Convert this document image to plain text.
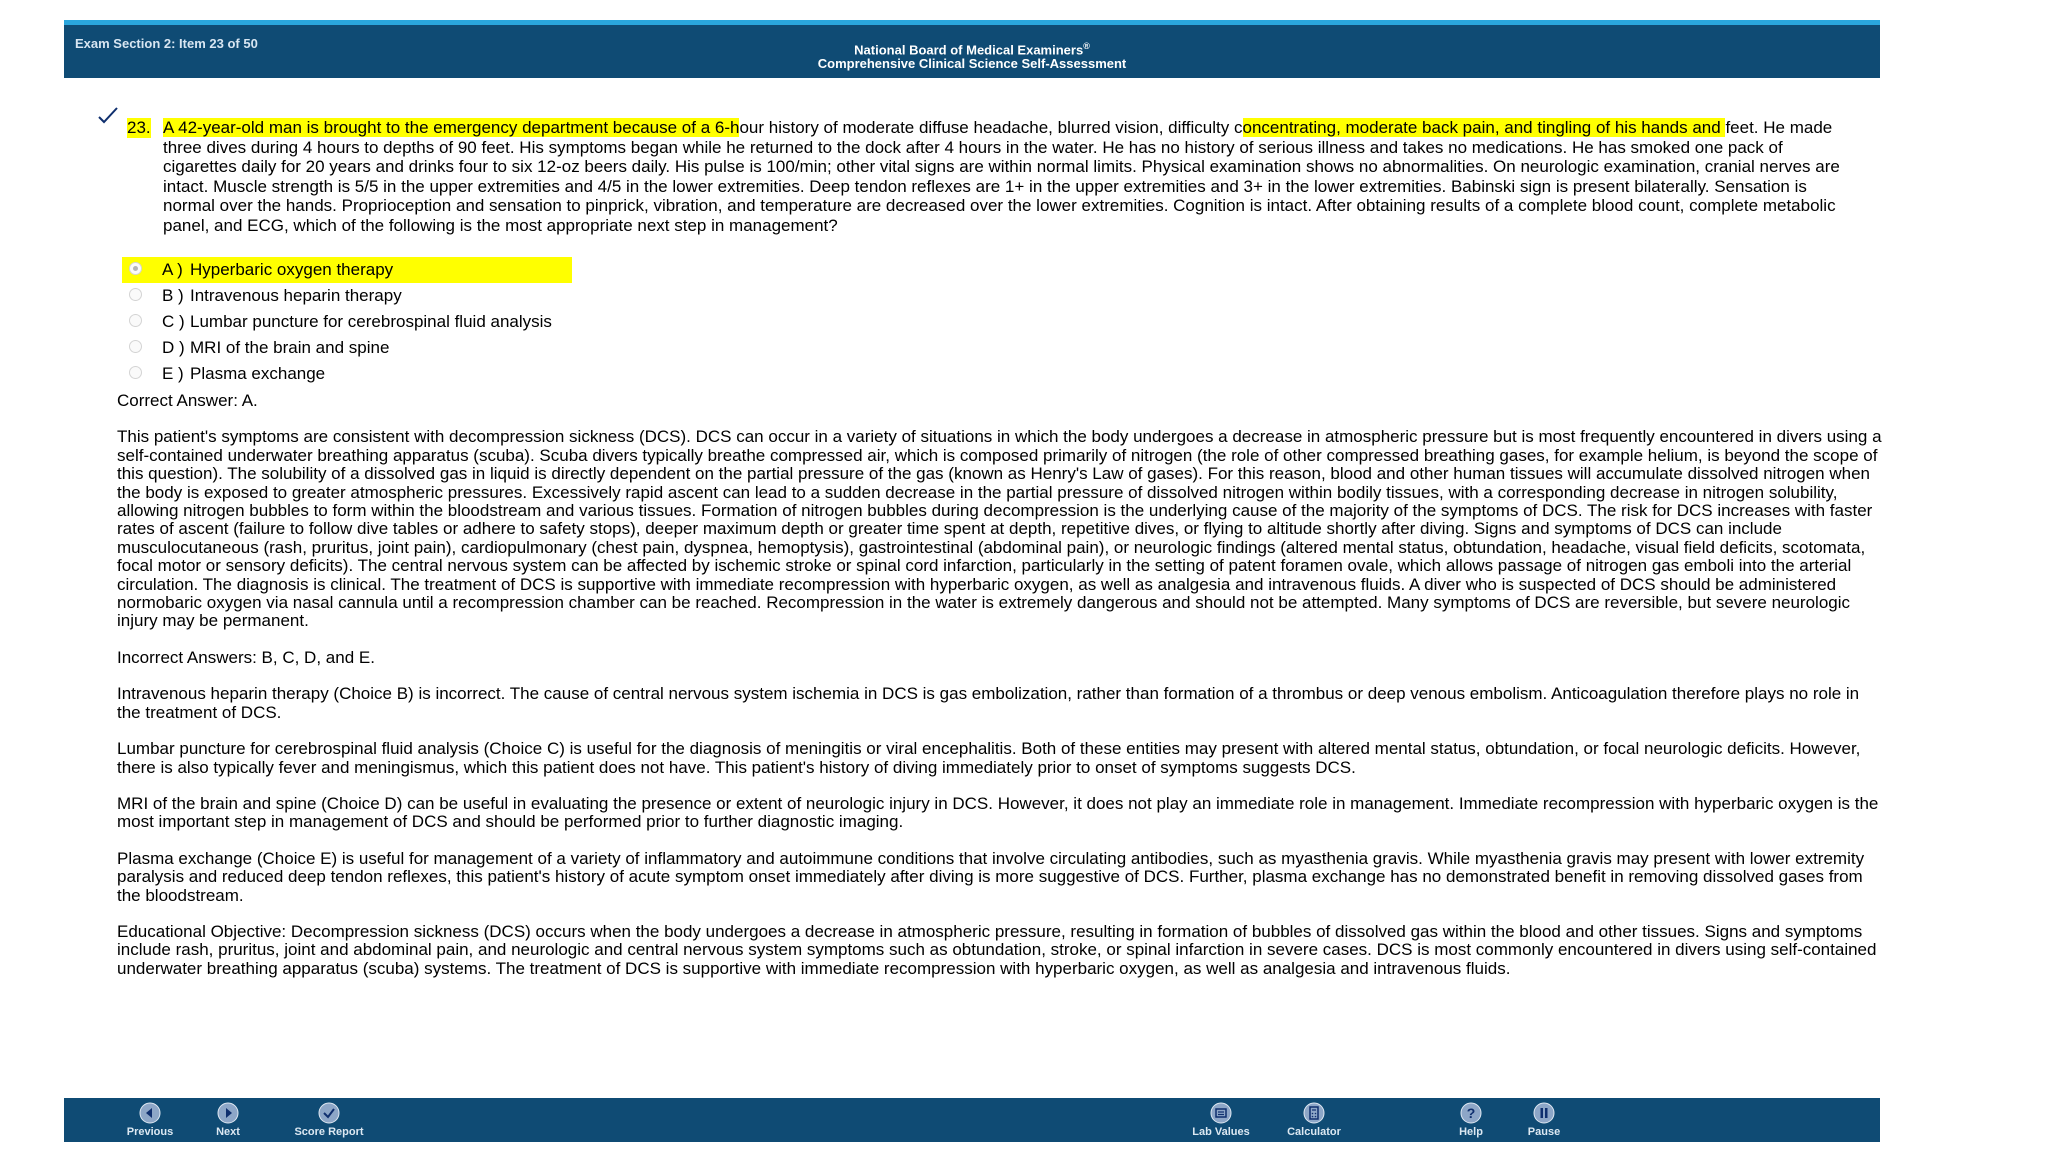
Exam Section 2: Item 23 of 50	National Board of Medical Examiners®
Comprehensive Clinical Science Self-Assessment
23. A 42-year-old man is brought to the emergency department because of a 6-hour history of moderate diffuse headache, blurred vision, difficulty concentrating, moderate back pain, and tingling of his hands and feet. He made three dives during 4 hours to depths of 90 feet. His symptoms began while he returned to the dock after 4 hours in the water. He has no history of serious illness and takes no medications. He has smoked one pack of cigarettes daily for 20 years and drinks four to six 12-oz beers daily. His pulse is 100/min; other vital signs are within normal limits. Physical examination shows no abnormalities. On neurologic examination, cranial nerves are intact. Muscle strength is 5/5 in the upper extremities and 4/5 in the lower extremities. Deep tendon reflexes are 1+ in the upper extremities and 3+ in the lower extremities. Babinski sign is present bilaterally. Sensation is normal over the hands. Proprioception and sensation to pinprick, vibration, and temperature are decreased over the lower extremities. Cognition is intact. After obtaining results of a complete blood count, complete metabolic panel, and ECG, which of the following is the most appropriate next step in management?
A ) Hyperbaric oxygen therapy
B ) Intravenous heparin therapy
C ) Lumbar puncture for cerebrospinal fluid analysis
D ) MRI of the brain and spine
E ) Plasma exchange

Correct Answer: A.

This patient's symptoms are consistent with decompression sickness (DCS). DCS can occur in a variety of situations in which the body undergoes a decrease in atmospheric pressure but is most frequently encountered in divers using a self-contained underwater breathing apparatus (scuba). Scuba divers typically breathe compressed air, which is composed primarily of nitrogen (the role of other compressed breathing gases, for example helium, is beyond the scope of this question). The solubility of a dissolved gas in liquid is directly dependent on the partial pressure of the gas (known as Henry's Law of gases). For this reason, blood and other human tissues will accumulate dissolved nitrogen when the body is exposed to greater atmospheric pressures. Excessively rapid ascent can lead to a sudden decrease in the partial pressure of dissolved nitrogen within bodily tissues, with a corresponding decrease in nitrogen solubility, allowing nitrogen bubbles to form within the bloodstream and various tissues. Formation of nitrogen bubbles during decompression is the underlying cause of the majority of the symptoms of DCS. The risk for DCS increases with faster rates of ascent (failure to follow dive tables or adhere to safety stops), deeper maximum depth or greater time spent at depth, repetitive dives, or flying to altitude shortly after diving. Signs and symptoms of DCS can include musculocutaneous (rash, pruritus, joint pain), cardiopulmonary (chest pain, dyspnea, hemoptysis), gastrointestinal (abdominal pain), or neurologic findings (altered mental status, obtundation, headache, visual field deficits, scotomata, focal motor or sensory deficits). The central nervous system can be affected by ischemic stroke or spinal cord infarction, particularly in the setting of patent foramen ovale, which allows passage of nitrogen gas emboli into the arterial circulation. The diagnosis is clinical. The treatment of DCS is supportive with immediate recompression with hyperbaric oxygen, as well as analgesia and intravenous fluids. A diver who is suspected of DCS should be administered normobaric oxygen via nasal cannula until a recompression chamber can be reached. Recompression in the water is extremely dangerous and should not be attempted. Many symptoms of DCS are reversible, but severe neurologic injury may be permanent.

Incorrect Answers: B, C, D, and E.

Intravenous heparin therapy (Choice B) is incorrect. The cause of central nervous system ischemia in DCS is gas embolization, rather than formation of a thrombus or deep venous embolism. Anticoagulation therefore plays no role in the treatment of DCS.

Lumbar puncture for cerebrospinal fluid analysis (Choice C) is useful for the diagnosis of meningitis or viral encephalitis. Both of these entities may present with altered mental status, obtundation, or focal neurologic deficits. However, there is also typically fever and meningismus, which this patient does not have. This patient's history of diving immediately prior to onset of symptoms suggests DCS.

MRI of the brain and spine (Choice D) can be useful in evaluating the presence or extent of neurologic injury in DCS. However, it does not play an immediate role in management. Immediate recompression with hyperbaric oxygen is the most important step in management of DCS and should be performed prior to further diagnostic imaging.

Plasma exchange (Choice E) is useful for management of a variety of inflammatory and autoimmune conditions that involve circulating antibodies, such as myasthenia gravis. While myasthenia gravis may present with lower extremity paralysis and reduced deep tendon reflexes, this patient's history of acute symptom onset immediately after diving is more suggestive of DCS. Further, plasma exchange has no demonstrated benefit in removing dissolved gases from the bloodstream.

Educational Objective: Decompression sickness (DCS) occurs when the body undergoes a decrease in atmospheric pressure, resulting in formation of bubbles of dissolved gas within the blood and other tissues. Signs and symptoms include rash, pruritus, joint and abdominal pain, and neurologic and central nervous system symptoms such as obtundation, stroke, or spinal infarction in severe cases. DCS is most commonly encountered in divers using self-contained underwater breathing apparatus (scuba) systems. The treatment of DCS is supportive with immediate recompression with hyperbaric oxygen, as well as analgesia and intravenous fluids.

Previous	Next	Score Report	Lab Values	Calculator
?
Help	Pause
